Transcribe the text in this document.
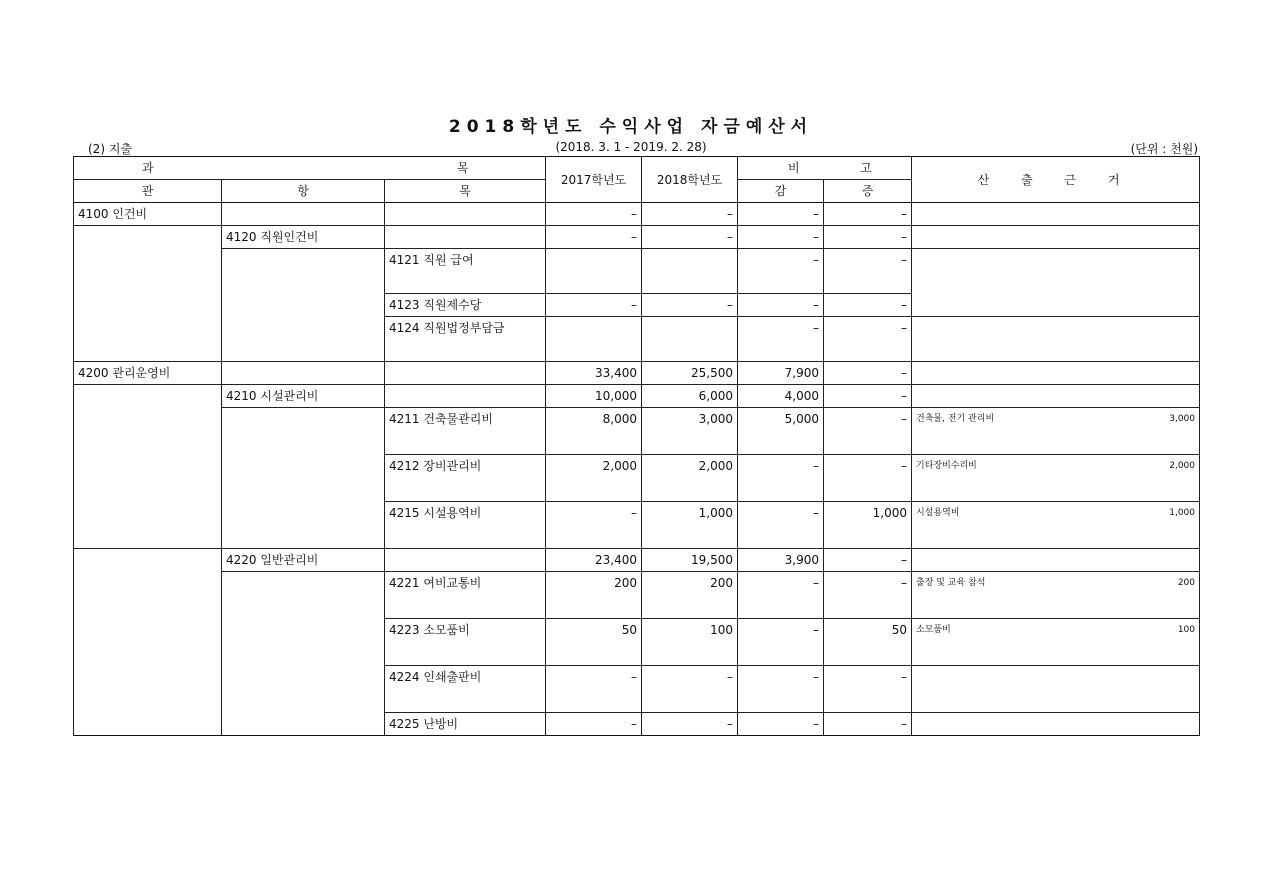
2018학년도 수익사업 자금예산서
(2) 지출	(2018. 3. 1 - 2019. 2. 28)	(단위 : 천원)
과 목			2017학년도	2018학년도	비 고		산 출 근 거
관	항	목			감	증	
4100 인건비			–	–	–	–	
	4120 직원인건비		–	–	–	–	
		4121 직원 급여			–	–	
		4123 직원제수당	–	–	–	–	
		4124 직원법정부담금			–	–	
4200 관리운영비			33,400	25,500	7,900	–	
	4210 시설관리비		10,000	6,000	4,000	–	
		4211 건축물관리비	8,000	3,000	5,000	–	건축물, 전기 관리비 3,000

		4212 장비관리비	2,000	2,000	–	–	기타장비수리비 2,000

		4215 시설용역비	–	1,000	–	1,000	시설용역비 1,000

	4220 일반관리비		23,400	19,500	3,900	–	
		4221 여비교통비	200	200	–	–	출장 및 교육 참석 200

		4223 소모품비	50	100	–	50	소모품비 100

		4224 인쇄출판비	–	–	–	–	
		4225 난방비	–	–	–	–	
